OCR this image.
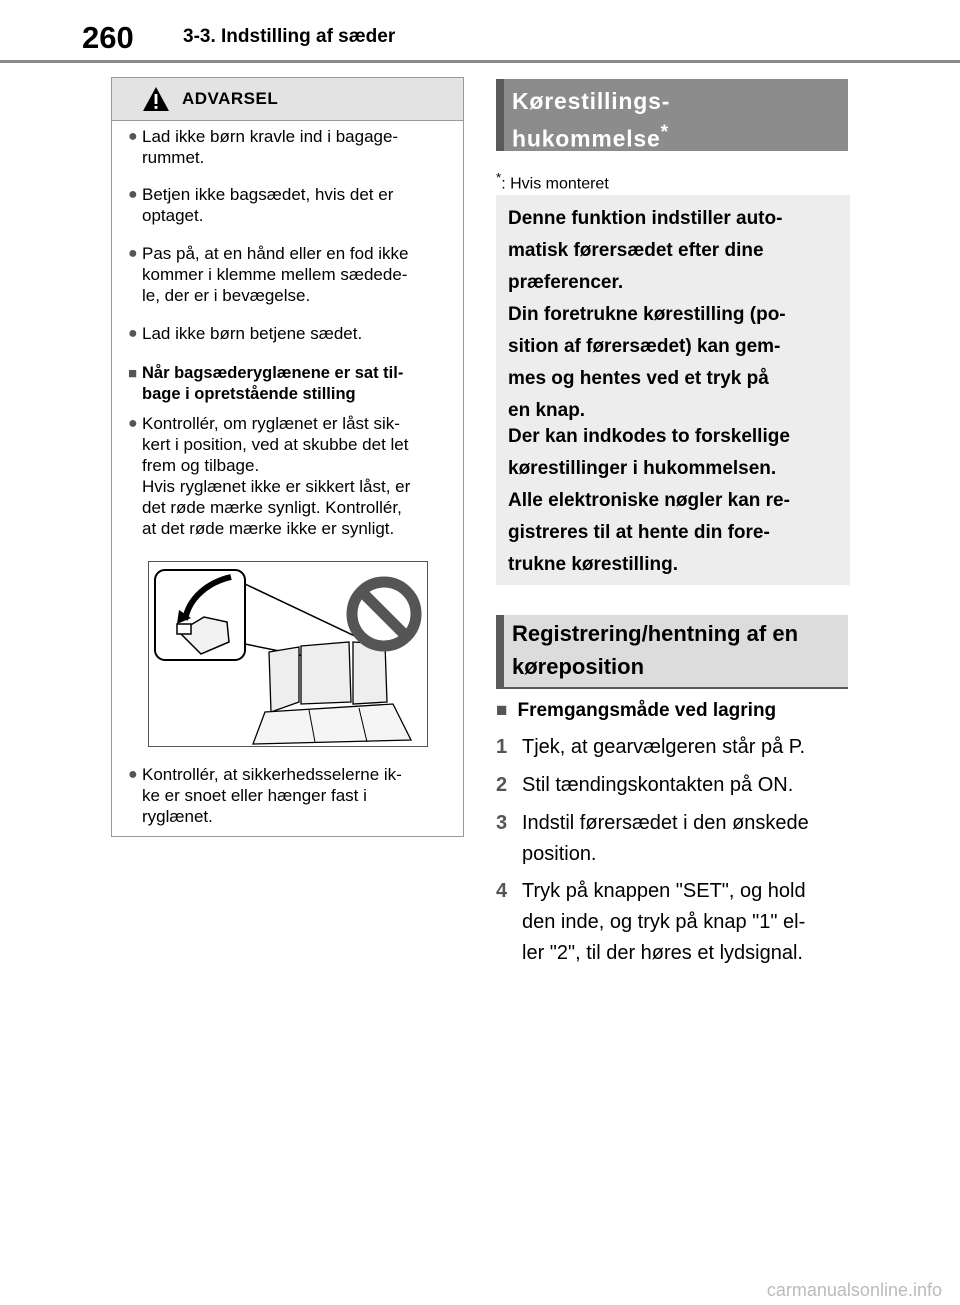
260	3-3. Indstilling af sæder
ADVARSEL
● Lad ikke børn kravle ind i bagage-
rummet.
● Betjen ikke bagsædet, hvis det er
optaget.
● Pas på, at en hånd eller en fod ikke
kommer i klemme mellem sædede-
le, der er i bevægelse.
● Lad ikke børn betjene sædet.
■ Når bagsæderyglænene er sat til-
bage i opretstående stilling
● Kontrollér, om ryglænet er låst sik-
kert i position, ved at skubbe det let
frem og tilbage.
Hvis ryglænet ikke er sikkert låst, er
det røde mærke synligt. Kontrollér,
at det røde mærke ikke er synligt.
● Kontrollér, at sikkerhedsselerne ik-
ke er snoet eller hænger fast i
ryglænet.
Kørestillings-
hukommelse*
*: Hvis monteret
Denne funktion indstiller auto-
matisk førersædet efter dine
præferencer.
Din foretrukne kørestilling (po-
sition af førersædet) kan gem-
mes og hentes ved et tryk på
en knap.
Der kan indkodes to forskellige
kørestillinger i hukommelsen.
Alle elektroniske nøgler kan re-
gistreres til at hente din fore-
trukne kørestilling.
Registrering/hentning af en
køreposition
■ Fremgangsmåde ved lagring
1 Tjek, at gearvælgeren står på P.
2 Stil tændingskontakten på ON.
3 Indstil førersædet i den ønskede
position.
4 Tryk på knappen "SET", og hold
den inde, og tryk på knap "1" el-
ler "2", til der høres et lydsignal.
carmanualsonline.info
